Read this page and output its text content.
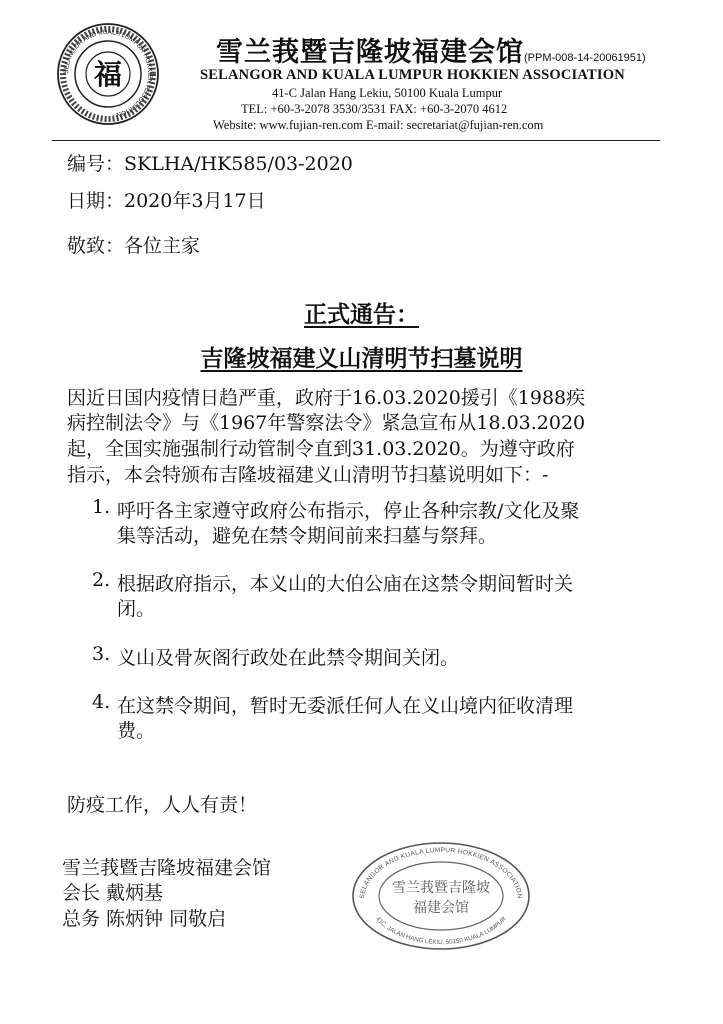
SELANGOR AND KUALA LUMPUR HOKKIEN ASSOCIATION
福
雪兰莪暨吉隆坡福建会馆(PPM-008-14-20061951)
SELANGOR AND KUALA LUMPUR HOKKIEN ASSOCIATION
41-C Jalan Hang Lekiu, 50100 Kuala Lumpur
TEL: +60-3-2078 3530/3531 FAX: +60-3-2070 4612
Website: www.fujian-ren.com E-mail: secretariat@fujian-ren.com
编号：SKLHA/HK585/03-2020
日期：2020年3月17日
敬致：各位主家
正式通告：
吉隆坡福建义山清明节扫墓说明
因近日国内疫情日趋严重，政府于16.03.2020援引《1988疾
病控制法令》与《1967年警察法令》紧急宣布从18.03.2020
起，全国实施强制行动管制令直到31.03.2020。为遵守政府
指示，本会特颁布吉隆坡福建义山清明节扫墓说明如下：-
1. 呼吁各主家遵守政府公布指示，停止各种宗教/文化及聚
集等活动，避免在禁令期间前来扫墓与祭拜。
2. 根据政府指示，本义山的大伯公庙在这禁令期间暂时关
闭。
3. 义山及骨灰阁行政处在此禁令期间关闭。
4. 在这禁令期间，暂时无委派任何人在义山境内征收清理
费。
防疫工作，人人有责！
雪兰莪暨吉隆坡福建会馆
会长 戴炳基
总务 陈炳钟 同敬启
SELANGOR AND KUALA LUMPUR HOKKIEN ASSOCIATION
41C, JALAN HANG LEKIU, 50150 KUALA LUMPUR
雪兰莪暨吉隆坡
福建会馆
